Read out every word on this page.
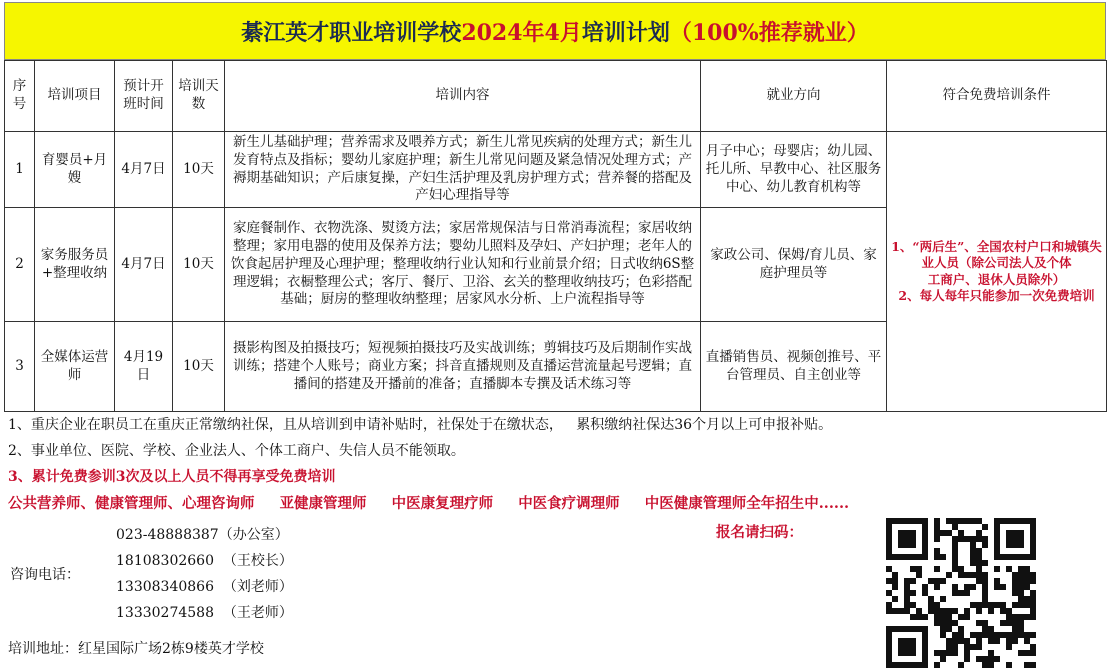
綦江英才职业培训学校 2024年4月 培训计划 （100%推荐就业）
序号	培训项目	预计开班时间	培训天数	培训内容	就业方向	符合免费培训条件
1	育婴员+月嫂	4月7日	10天	新生儿基础护理；营养需求及喂养方式；新生儿常见疾病的处理方式；新生儿发育特点及指标；婴幼儿家庭护理；新生儿常见问题及紧急情况处理方式；产褥期基础知识；产后康复操，产妇生活护理及乳房护理方式；营养餐的搭配及产妇心理指导等	月子中心；母婴店；幼儿园、托儿所、早教中心、社区服务中心、幼儿教育机构等	1、“两后生”、全国农村户口和城镇失业人员（除公司法人及个体
工商户、退休人员除外）
2、每人每年只能参加一次免费培训

2	家务服务员+整理收纳	4月7日	10天	家庭餐制作、衣物洗涤、熨烫方法；家居常规保洁与日常消毒流程；家居收纳整理；家用电器的使用及保养方法；婴幼儿照料及孕妇、产妇护理；老年人的饮食起居护理及心理护理；整理收纳行业认知和行业前景介绍；日式收纳6S整理逻辑；衣橱整理公式；客厅、餐厅、卫浴、玄关的整理收纳技巧；色彩搭配基础；厨房的整理收纳整理；居家风水分析、上户流程指导等	家政公司、保姆/育儿员、家庭护理员等	
3	全媒体运营师	4月19日	10天	摄影构图及拍摄技巧；短视频拍摄技巧及实战训练；剪辑技巧及后期制作实战训练；搭建个人账号；商业方案；抖音直播规则及直播运营流量起号逻辑；直播间的搭建及开播前的准备；直播脚本专撰及话术练习等	直播销售员、视频创推号、平台管理员、自主创业等	
1、重庆企业在职员工在重庆正常缴纳社保，且从培训到申请补贴时，社保处于在缴状态，   累积缴纳社保达36个月以上可申报补贴。
2、事业单位、医院、学校、企业法人、个体工商户、失信人员不能领取。
3、累计免费参训3次及以上人员不得再享受免费培训
公共营养师、健康管理师、心理咨询师 亚健康管理师 中医康复理疗师 中医食疗调理师 中医健康管理师全年招生中......
023-48888387（办公室）
18108302660  （王校长）
13308340866  （刘老师）
13330274588  （王老师）
咨询电话：
培训地址：红星国际广场2栋9楼英才学校
报名请扫码：
